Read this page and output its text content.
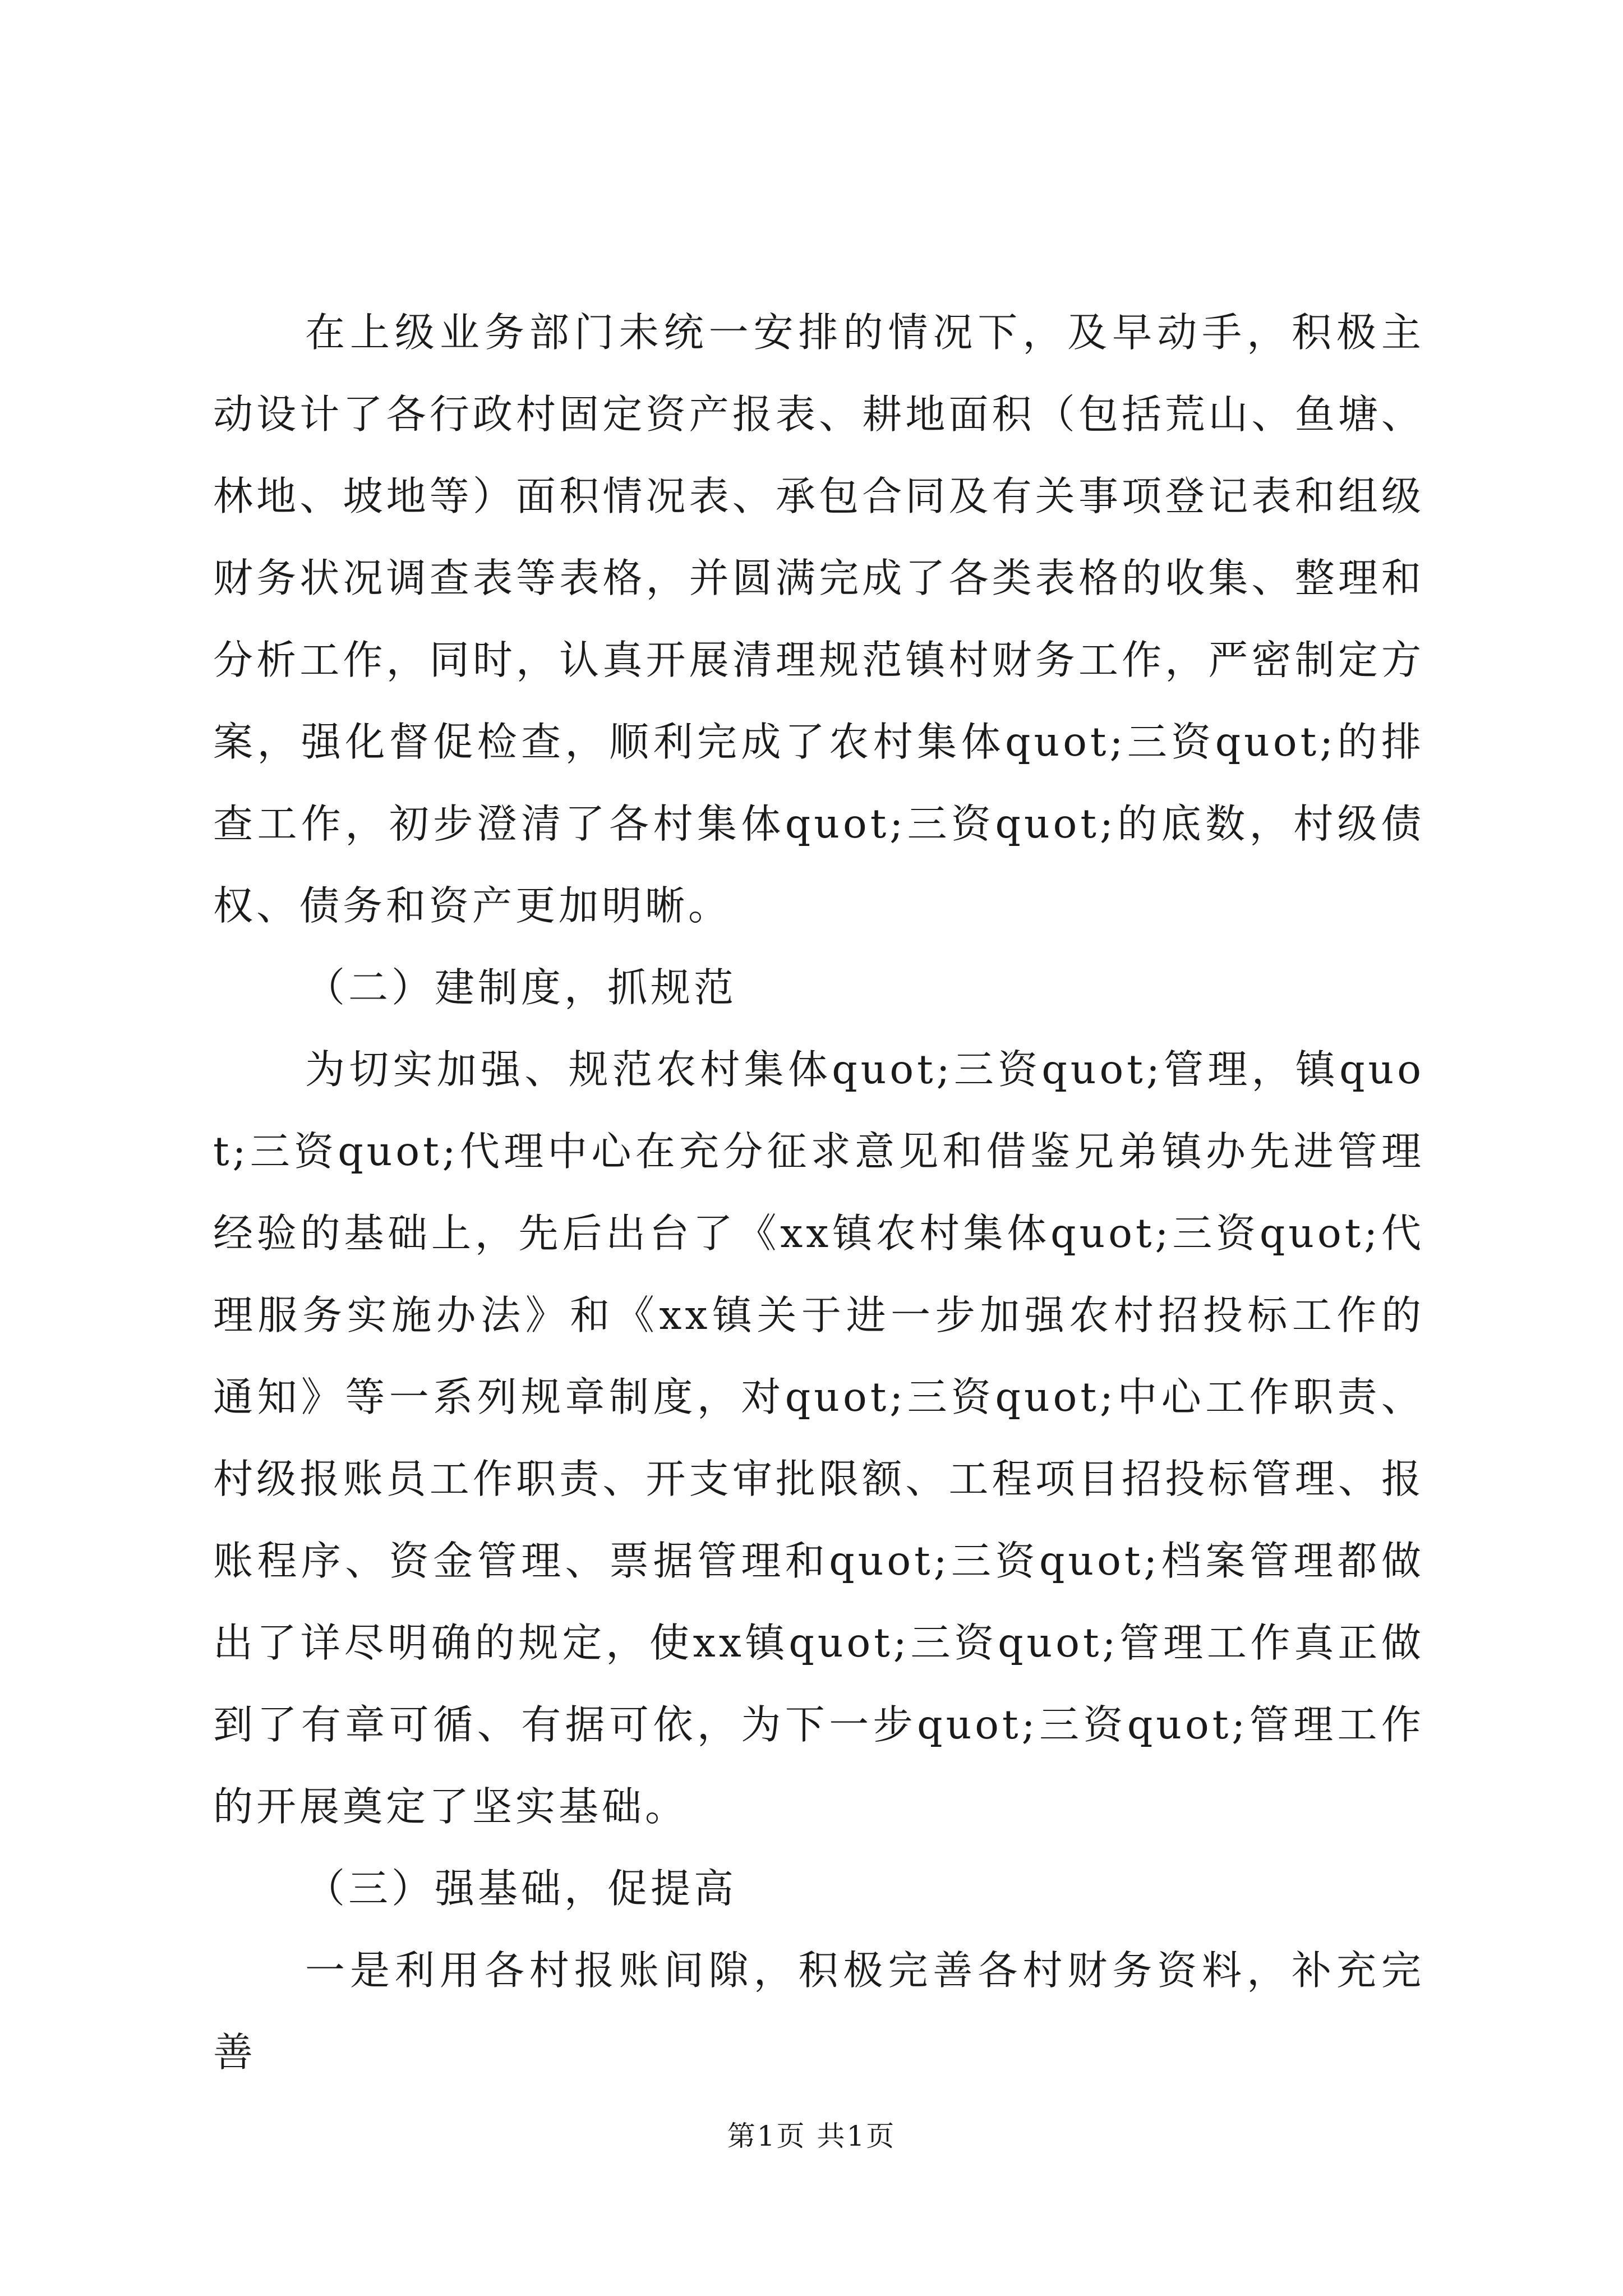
在上级业务部门未统一安排的情况下，及早动手，积极主动设计了各行政村固定资产报表、耕地面积（包括荒山、鱼塘、林地、坡地等）面积情况表、承包合同及有关事项登记表和组级财务状况调查表等表格，并圆满完成了各类表格的收集、整理和分析工作，同时，认真开展清理规范镇村财务工作，严密制定方案，强化督促检查，顺利完成了农村集体quot;三资quot;的排查工作，初步澄清了各村集体quot;三资quot;的底数，村级债权、债务和资产更加明晰。

（二）建制度，抓规范

为切实加强、规范农村集体quot;三资quot;管理，镇quot;三资quot;代理中心在充分征求意见和借鉴兄弟镇办先进管理经验的基础上，先后出台了《xx镇农村集体quot;三资quot;代理服务实施办法》和《xx镇关于进一步加强农村招投标工作的通知》等一系列规章制度，对quot;三资quot;中心工作职责、村级报账员工作职责、开支审批限额、工程项目招投标管理、报账程序、资金管理、票据管理和quot;三资quot;档案管理都做出了详尽明确的规定，使xx镇quot;三资quot;管理工作真正做到了有章可循、有据可依，为下一步quot;三资quot;管理工作的开展奠定了坚实基础。

（三）强基础，促提高

一是利用各村报账间隙，积极完善各村财务资料，补充完善

第1页 共1页
